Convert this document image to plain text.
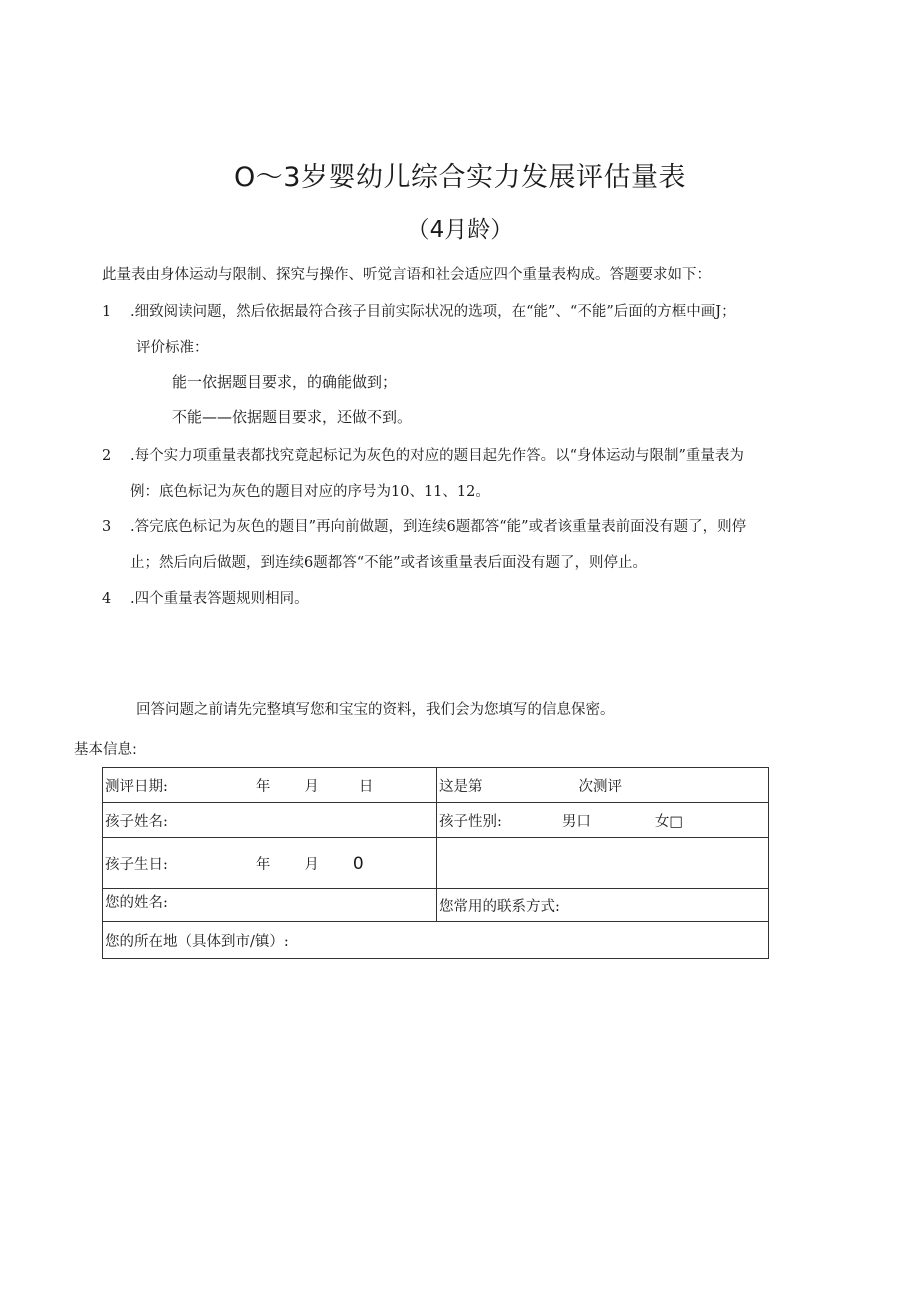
O～3岁婴幼儿综合实力发展评估量表
（4月龄）
此量表由身体运动与限制、探究与操作、听觉言语和社会适应四个重量表构成。答题要求如下：
1 .细致阅读问题，然后依据最符合孩子目前实际状况的选项，在“能”、“不能”后面的方框中画J；
评价标准：
能一依据题目要求，的确能做到；
不能——依据题目要求，还做不到。
2 .每个实力项重量表都找究竟起标记为灰色的对应的题目起先作答。以“身体运动与限制”重量表为
例：底色标记为灰色的题目对应的序号为10、11、12。
3 .答完底色标记为灰色的题目”再向前做题，到连续6题都答“能”或者该重量表前面没有题了，则停
止；然后向后做题，到连续6题都答“不能”或者该重量表后面没有题了，则停止。
4 .四个重量表答题规则相同。
回答问题之前请先完整填写您和宝宝的资料，我们会为您填写的信息保密。
基本信息:
测评日期: 年 月 日	这是第 次测评
孩子姓名:	孩子性别: 男口 女□
孩子生日: 年 月 0	
您的姓名:	您常用的联系方式:
您的所在地（具体到市/镇）:	
